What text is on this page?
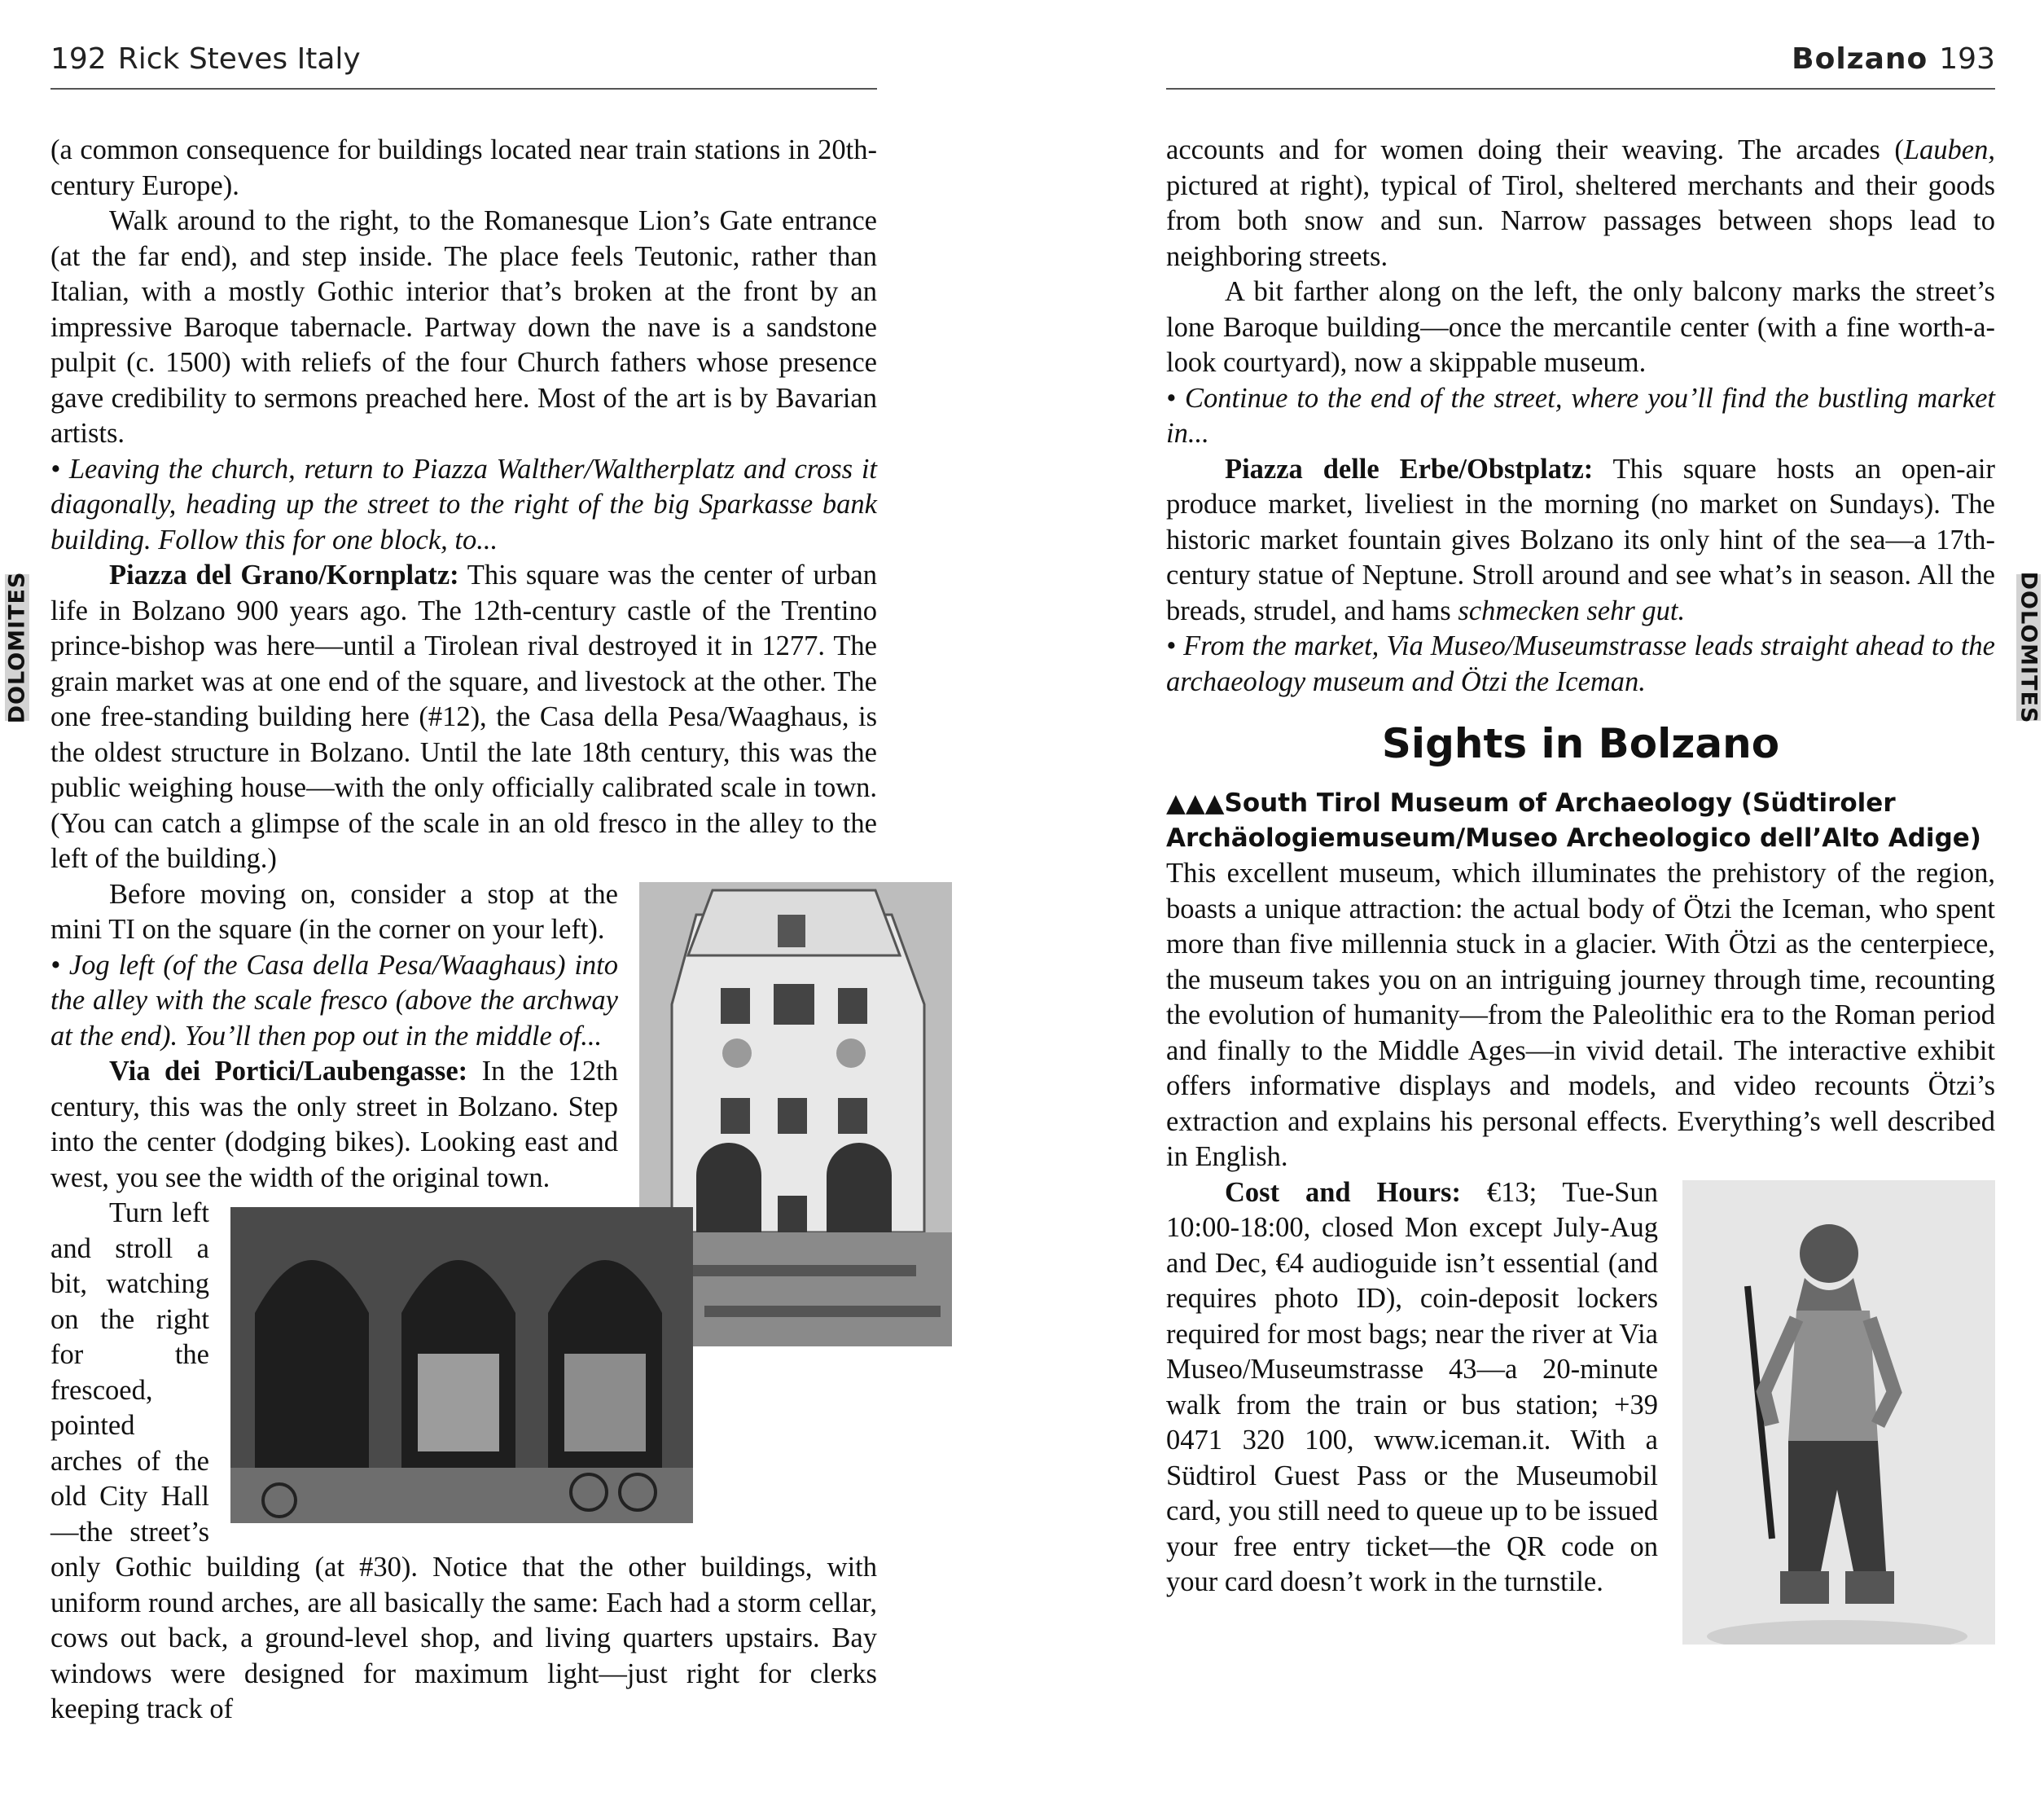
192 Rick Steves Italy
DOLOMITES

(a common consequence for buildings located near train stations in 20th-century Europe).

Walk around to the right, to the Romanesque Lion’s Gate entrance (at the far end), and step inside. The place feels Teutonic, rather than Italian, with a mostly Gothic interior that’s broken at the front by an impressive Baroque tabernacle. Partway down the nave is a sandstone pulpit (c. 1500) with reliefs of the four Church fathers whose presence gave credibility to sermons preached here. Most of the art is by Bavarian artists.

• Leaving the church, return to Piazza Walther/Waltherplatz and cross it diagonally, heading up the street to the right of the big Sparkasse bank building. Follow this for one block, to...

Piazza del Grano/Kornplatz: This square was the center of urban life in Bolzano 900 years ago. The 12th-century castle of the Trentino prince-bishop was here—until a Tirolean rival destroyed it in 1277. The grain market was at one end of the square, and livestock at the other. The one free-standing building here (#12), the Casa della Pesa/Waaghaus, is the oldest structure in Bolzano. Until the late 18th century, this was the public weighing house—with the only officially calibrated scale in town. (You can catch a glimpse of the scale in an old fresco in the alley to the left of the building.)

Before moving on, consider a stop at the mini TI on the square (in the corner on your left).

• Jog left (of the Casa della Pesa/Waaghaus) into the alley with the scale fresco (above the archway at the end). You’ll then pop out in the middle of...

Via dei Portici/Laubengasse: In the 12th century, this was the only street in Bolzano. Step into the center (dodging bikes). Looking east and west, you see the width of the original town.

Turn left and stroll a bit, watching on the right for the frescoed, pointed arches of the old City Hall—the street’s only Gothic building (at #30). Notice that the other buildings, with uniform round arches, are all basically the same: Each had a storm cellar, cows out back, a ground-level shop, and living quarters upstairs. Bay windows were designed for maximum light—just right for clerks keeping track of

Bolzano 193
DOLOMITES

accounts and for women doing their weaving. The arcades (Lauben, pictured at right), typical of Tirol, sheltered merchants and their goods from both snow and sun. Narrow passages between shops lead to neighboring streets.

A bit farther along on the left, the only balcony marks the street’s lone Baroque building—once the mercantile center (with a fine worth-a-look courtyard), now a skippable museum.

• Continue to the end of the street, where you’ll find the bustling market in...

Piazza delle Erbe/Obstplatz: This square hosts an open-air produce market, liveliest in the morning (no market on Sundays). The historic market fountain gives Bolzano its only hint of the sea—a 17th-century statue of Neptune. Stroll around and see what’s in season. All the breads, strudel, and hams schmecken sehr gut.

• From the market, Via Museo/Museumstrasse leads straight ahead to the archaeology museum and Ötzi the Iceman.

Sights in Bolzano

▲▲▲South Tirol Museum of Archaeology (Südtiroler Archäologiemuseum/Museo Archeologico dell’Alto Adige)

This excellent museum, which illuminates the prehistory of the region, boasts a unique attraction: the actual body of Ötzi the Iceman, who spent more than five millennia stuck in a glacier. With Ötzi as the centerpiece, the museum takes you on an intriguing journey through time, recounting the evolution of humanity—from the Paleolithic era to the Roman period and finally to the Middle Ages—in vivid detail. The interactive exhibit offers informative displays and models, and video recounts Ötzi’s extraction and explains his personal effects. Everything’s well described in English.

Cost and Hours: €13; Tue-Sun 10:00-18:00, closed Mon except July-Aug and Dec, €4 audioguide isn’t essential (and requires photo ID), coin-deposit lockers required for most bags; near the river at Via Museo/Museumstrasse 43—a 20-minute walk from the train or bus station; +39 0471 320 100, www.iceman.it. With a Südtirol Guest Pass or the Museumobil card, you still need to queue up to be issued your free entry ticket—the QR code on your card doesn’t work in the turnstile.
